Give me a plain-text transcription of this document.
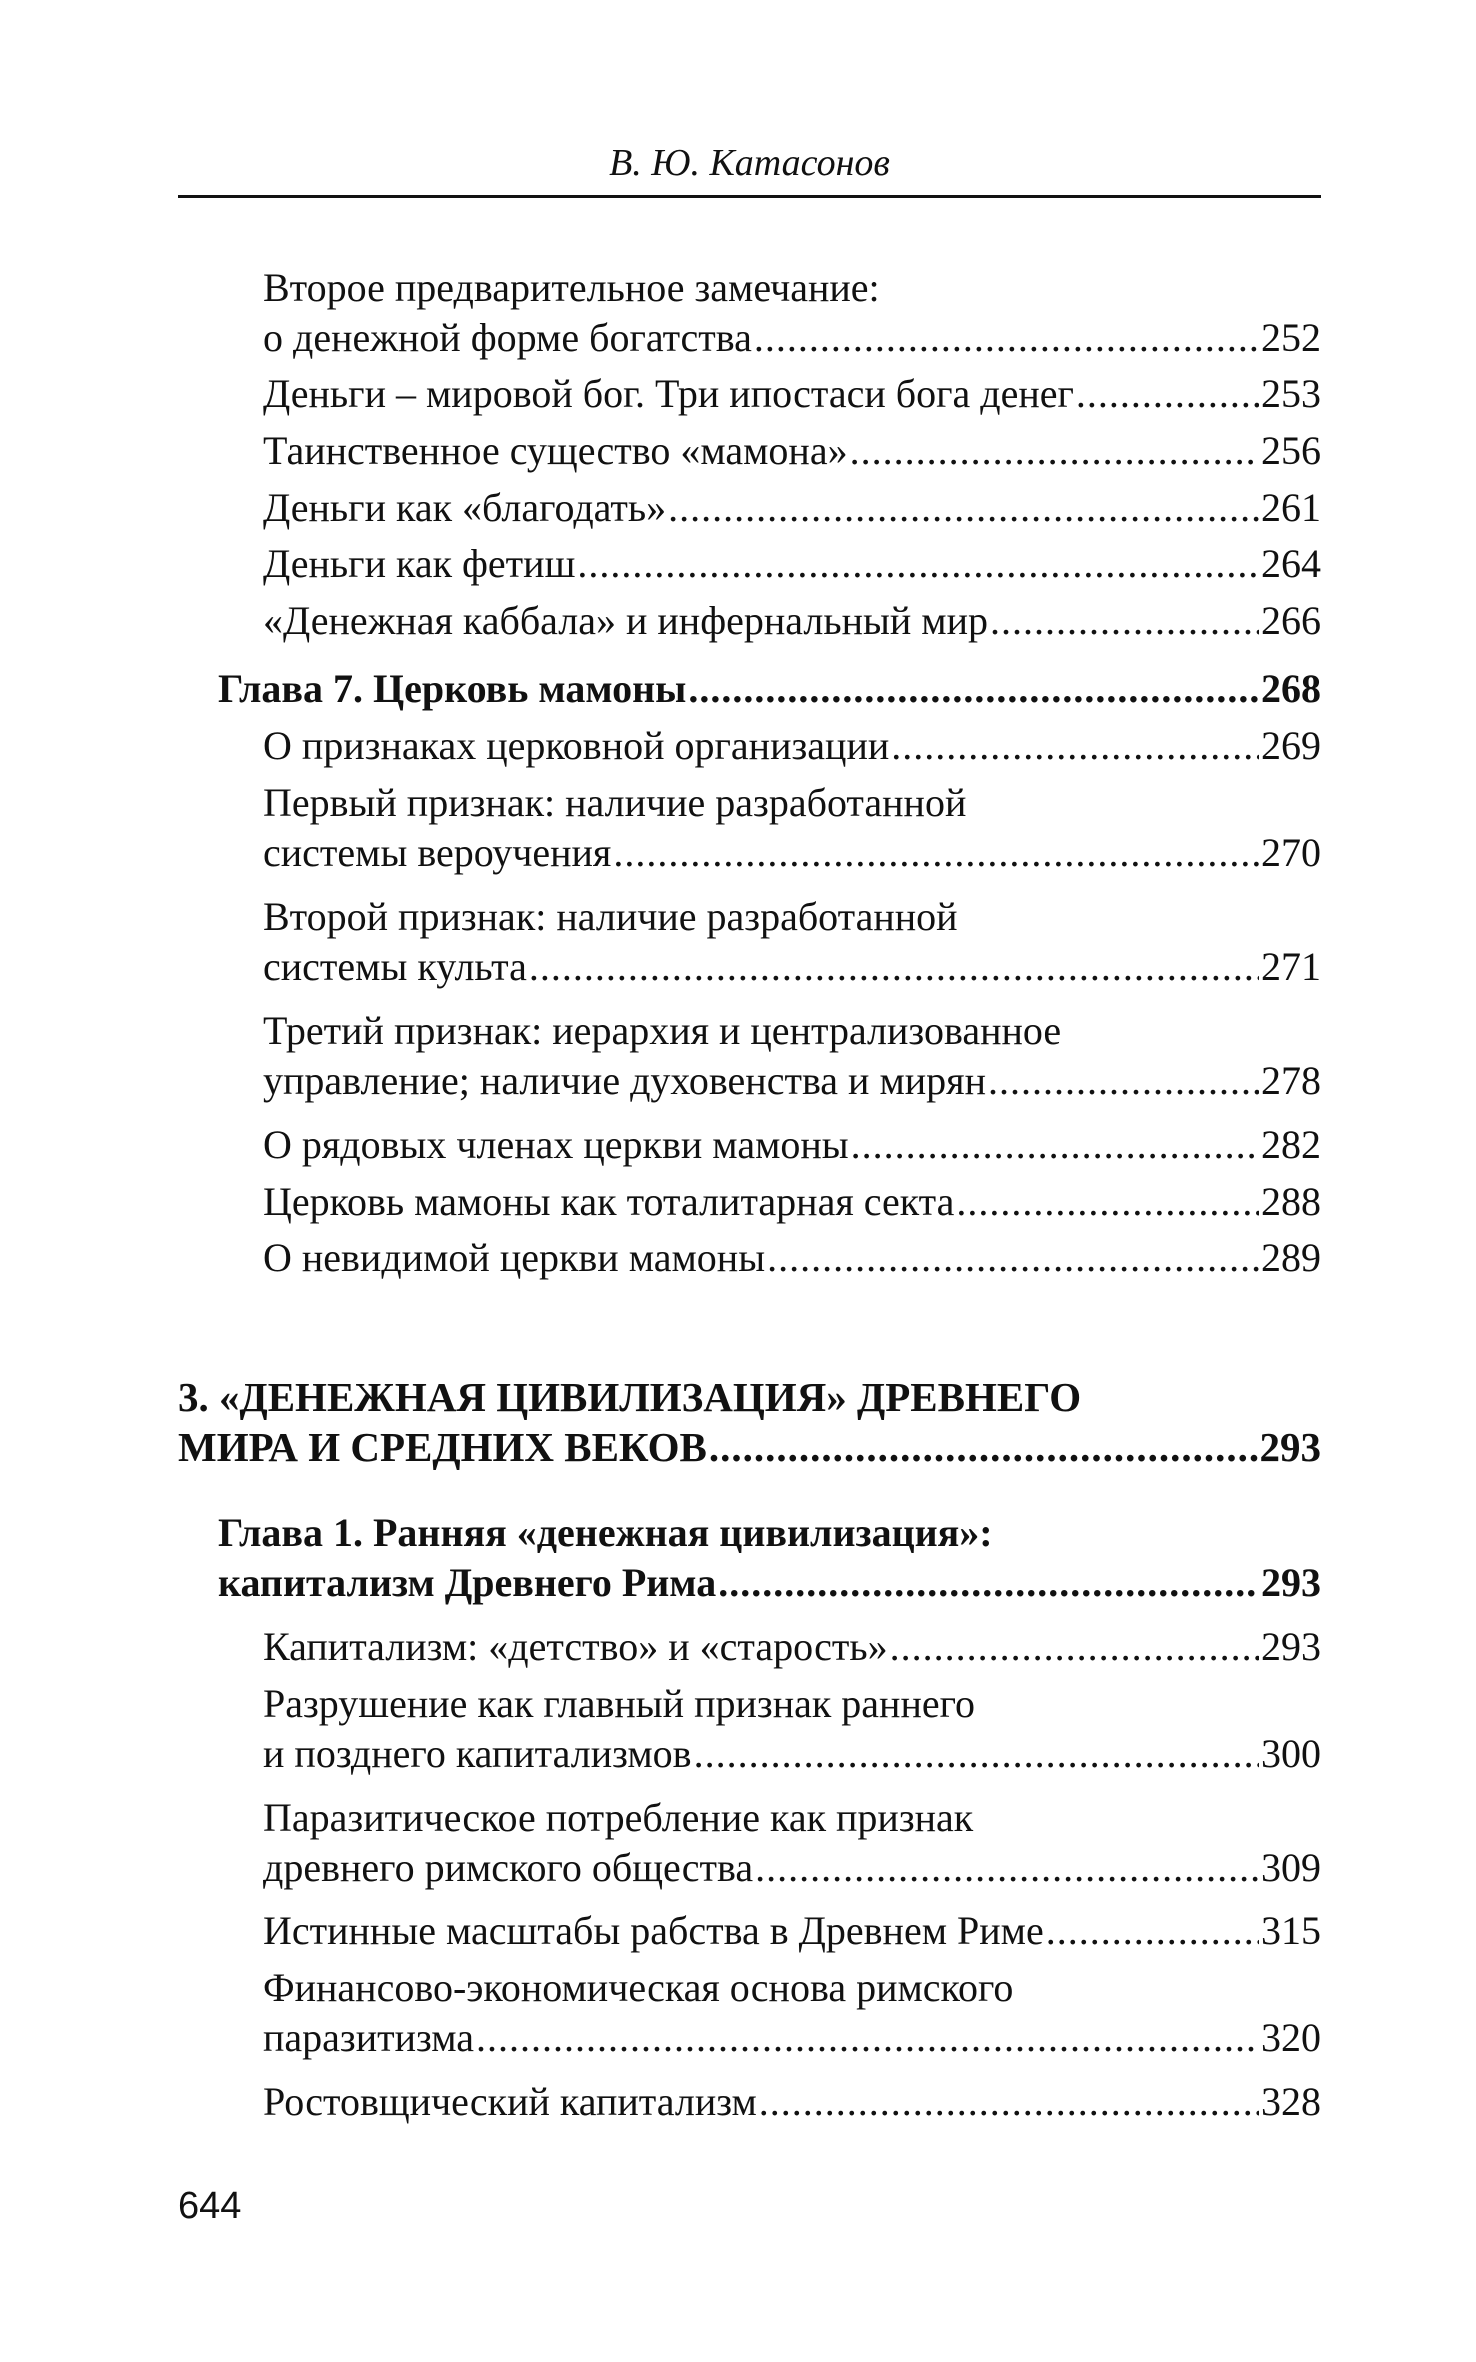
В. Ю. Катасонов
Второе предварительное замечание:
о денежной форме богатства .....	252
Деньги – мировой бог. Три ипостаси бога денег .....	253
Таинственное существо «мамона» .....	256
Деньги как «благодать» .....	261
Деньги как фетиш .....	264
«Денежная каббала» и инфернальный мир .....	266
Глава 7. Церковь мамоны .....	268
О признаках церковной организации .....	269
Первый признак: наличие разработанной
системы вероучения .....	270
Второй признак: наличие разработанной
системы культа .....	271
Третий признак: иерархия и централизованное
управление; наличие духовенства и мирян .....	278
О рядовых членах церкви мамоны .....	282
Церковь мамоны как тоталитарная секта .....	288
О невидимой церкви мамоны .....	289
3. «ДЕНЕЖНАЯ ЦИВИЛИЗАЦИЯ» ДРЕВНЕГО
МИРА И СРЕДНИХ ВЕКОВ .....	293
Глава 1. Ранняя «денежная цивилизация»:
капитализм Древнего Рима .....	293
Капитализм: «детство» и «старость» .....	293
Разрушение как главный признак раннего
и позднего капитализмов .....	300
Паразитическое потребление как признак
древнего римского общества .....	309
Истинные масштабы рабства в Древнем Риме .....	315
Финансово-экономическая основа римского
паразитизма .....	320
Ростовщический капитализм .....	328
644
